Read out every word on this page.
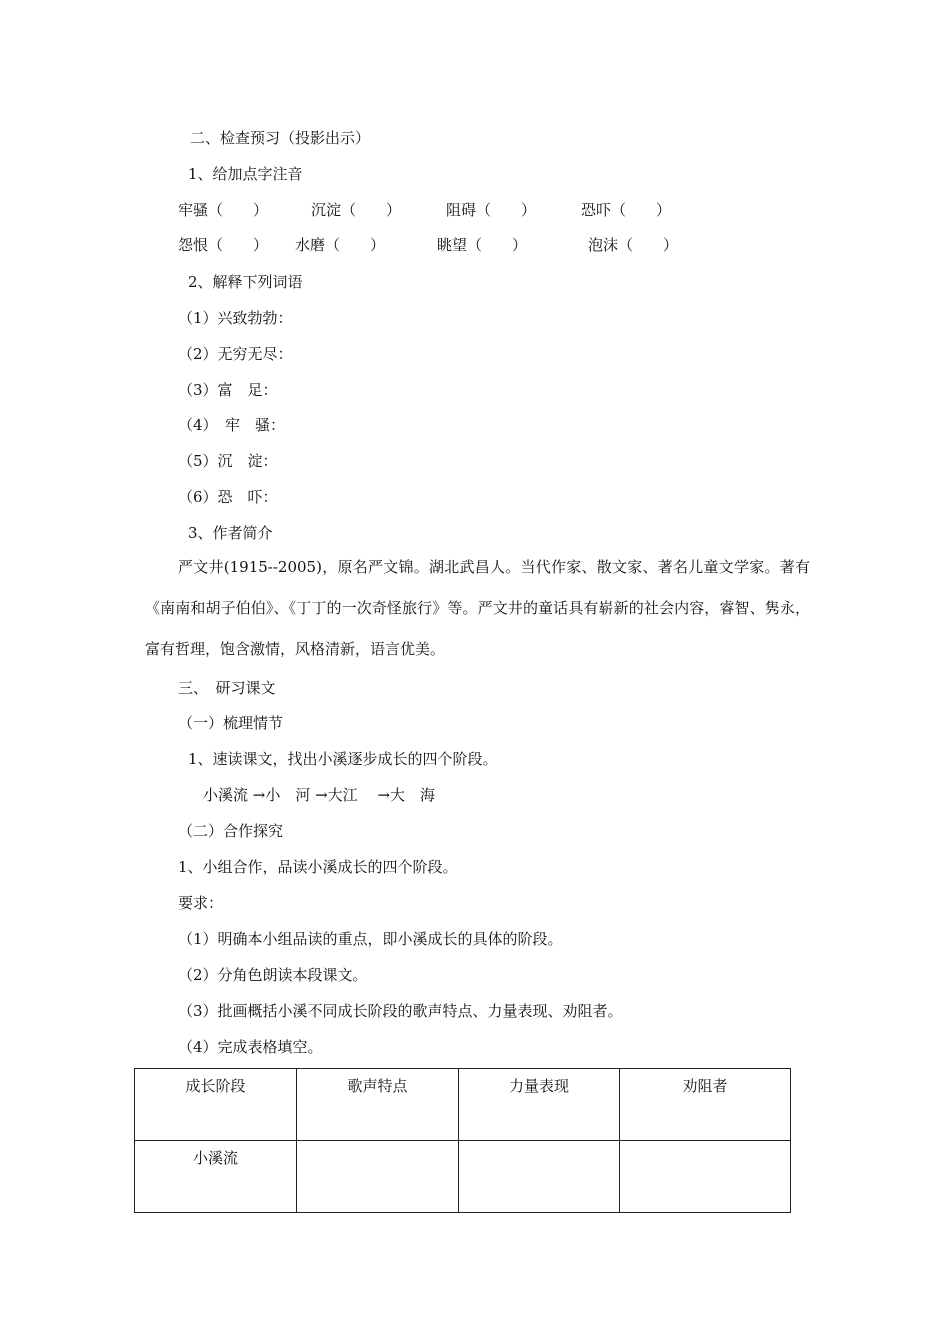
二、检查预习（投影出示）
1、给加点字注音
牢骚（　　）	沉淀（　　）	阻碍（　　）	恐吓（　　）
怨恨（　　） 水磨（　　）	眺望（　　）	泡沫（　　）
2、解释下列词语
（1）兴致勃勃：
（2）无穷无尽：
（3）富　足：
（4）　牢　骚：
（5）沉　淀：
（6）恐　吓：
3、作者简介
严文井(1915--2005)，原名严文锦。湖北武昌人。当代作家、散文家、著名儿童文学家。著有《南南和胡子伯伯》、《丁丁的一次奇怪旅行》等。严文井的童话具有崭新的社会内容，睿智、隽永，富有哲理，饱含激情，风格清新，语言优美。
三、　研习课文
（一）梳理情节
1、速读课文，找出小溪逐步成长的四个阶段。
小溪流 →小　河 →大江　 →大　海
（二）合作探究
1、小组合作，品读小溪成长的四个阶段。
要求：
（1）明确本小组品读的重点，即小溪成长的具体的阶段。
（2）分角色朗读本段课文。
（3）批画概括小溪不同成长阶段的歌声特点、力量表现、劝阻者。
（4）完成表格填空。
成长阶段	歌声特点	力量表现	劝阻者
小溪流			
